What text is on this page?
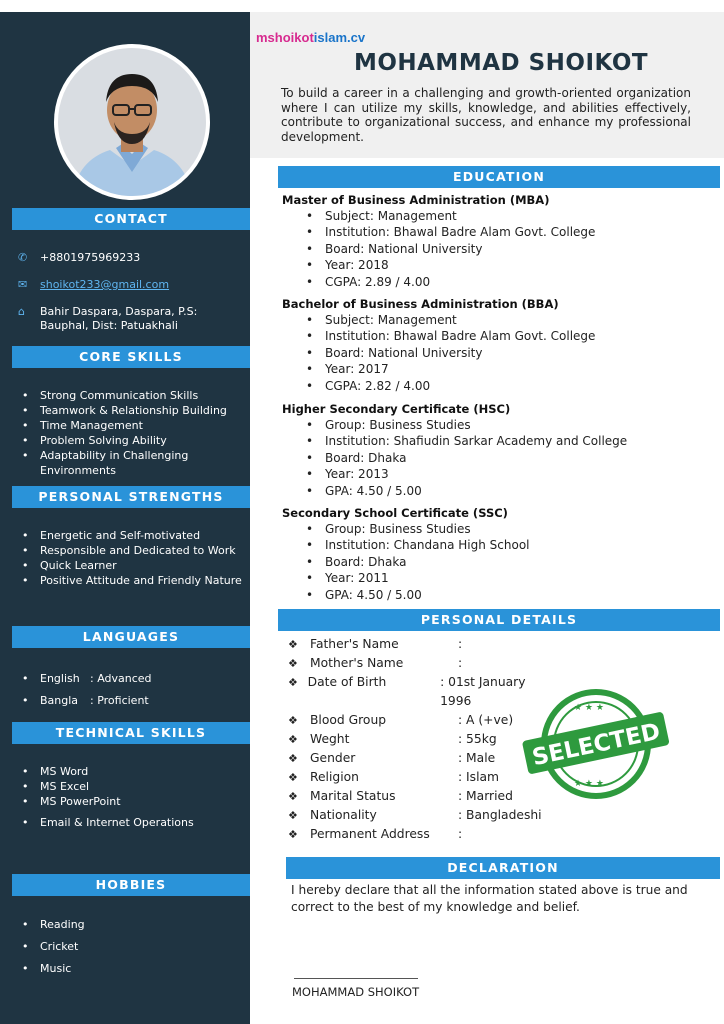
CONTACT
✆	+8801975969233
✉	shoikot233@gmail.com
⌂	Bahir Daspara, Daspara, P.S:
Bauphal, Dist: Patuakhali
CORE SKILLS
• Strong Communication Skills
• Teamwork & Relationship Building
• Time Management
• Problem Solving Ability
• Adaptability in Challenging Environments
PERSONAL STRENGTHS
• Energetic and Self-motivated
• Responsible and Dedicated to Work
• Quick Learner
• Positive Attitude and Friendly Nature
LANGUAGES
• English : Advanced
• Bangla	: Proficient
TECHNICAL SKILLS
• MS Word
• MS Excel
• MS PowerPoint
• Email & Internet Operations
HOBBIES
• Reading
• Cricket
• Music
mshoikotislam.cv
MOHAMMAD SHOIKOT
To build a career in a challenging and growth-oriented organization where I can utilize my skills, knowledge, and abilities effectively, contribute to organizational success, and enhance my professional development.
EDUCATION
Master of Business Administration (MBA)
• Subject: Management
• Institution: Bhawal Badre Alam Govt. College
• Board: National University
• Year: 2018
• CGPA: 2.89 / 4.00
Bachelor of Business Administration (BBA)
• Subject: Management
• Institution: Bhawal Badre Alam Govt. College
• Board: National University
• Year: 2017
• CGPA: 2.82 / 4.00
Higher Secondary Certificate (HSC)
• Group: Business Studies
• Institution: Shafiudin Sarkar Academy and College
• Board: Dhaka
• Year: 2013
• GPA: 4.50 / 5.00
Secondary School Certificate (SSC)
• Group: Business Studies
• Institution: Chandana High School
• Board: Dhaka
• Year: 2011
• GPA: 4.50 / 5.00
PERSONAL DETAILS
❖ Father's Name	:
❖ Mother's Name	:
❖ Date of Birth	: 01st January 1996
❖ Blood Group	: A (+ve)
❖ Weght	: 55kg
❖ Gender	: Male
❖ Religion	: Islam
❖ Marital Status	: Married
❖ Nationality	: Bangladeshi
❖ Permanent Address	:
★ ★ ★
★ ★ ★
SELECTED
DECLARATION
I hereby declare that all the information stated above is true and correct to the best of my knowledge and belief.
MOHAMMAD SHOIKOT
